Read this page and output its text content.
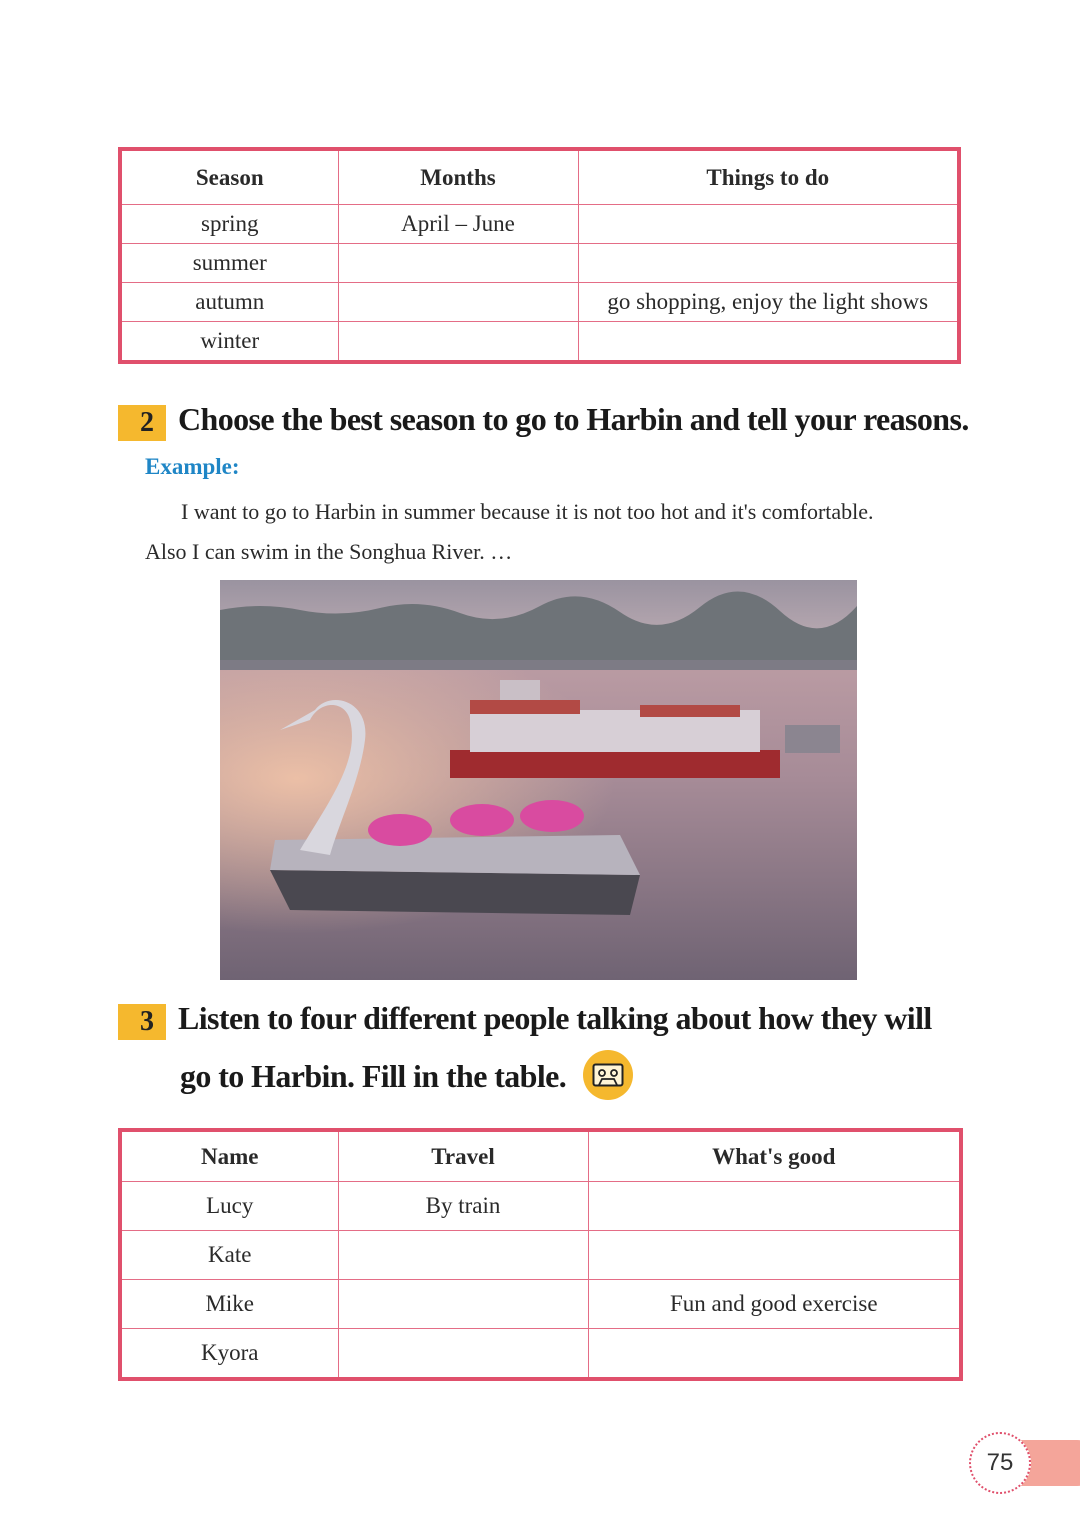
Season	Months	Things to do
spring	April – June	
summer		
autumn		go shopping, enjoy the light shows
winter		
2 Choose the best season to go to Harbin and tell your reasons.
Example:
I want to go to Harbin in summer because it is not too hot and it's comfortable.
Also I can swim in the Songhua River. …
3 Listen to four different people talking about how they will
go to Harbin. Fill in the table.
Name	Travel	What's good
Lucy	By train	
Kate		
Mike		Fun and good exercise
Kyora		
75
